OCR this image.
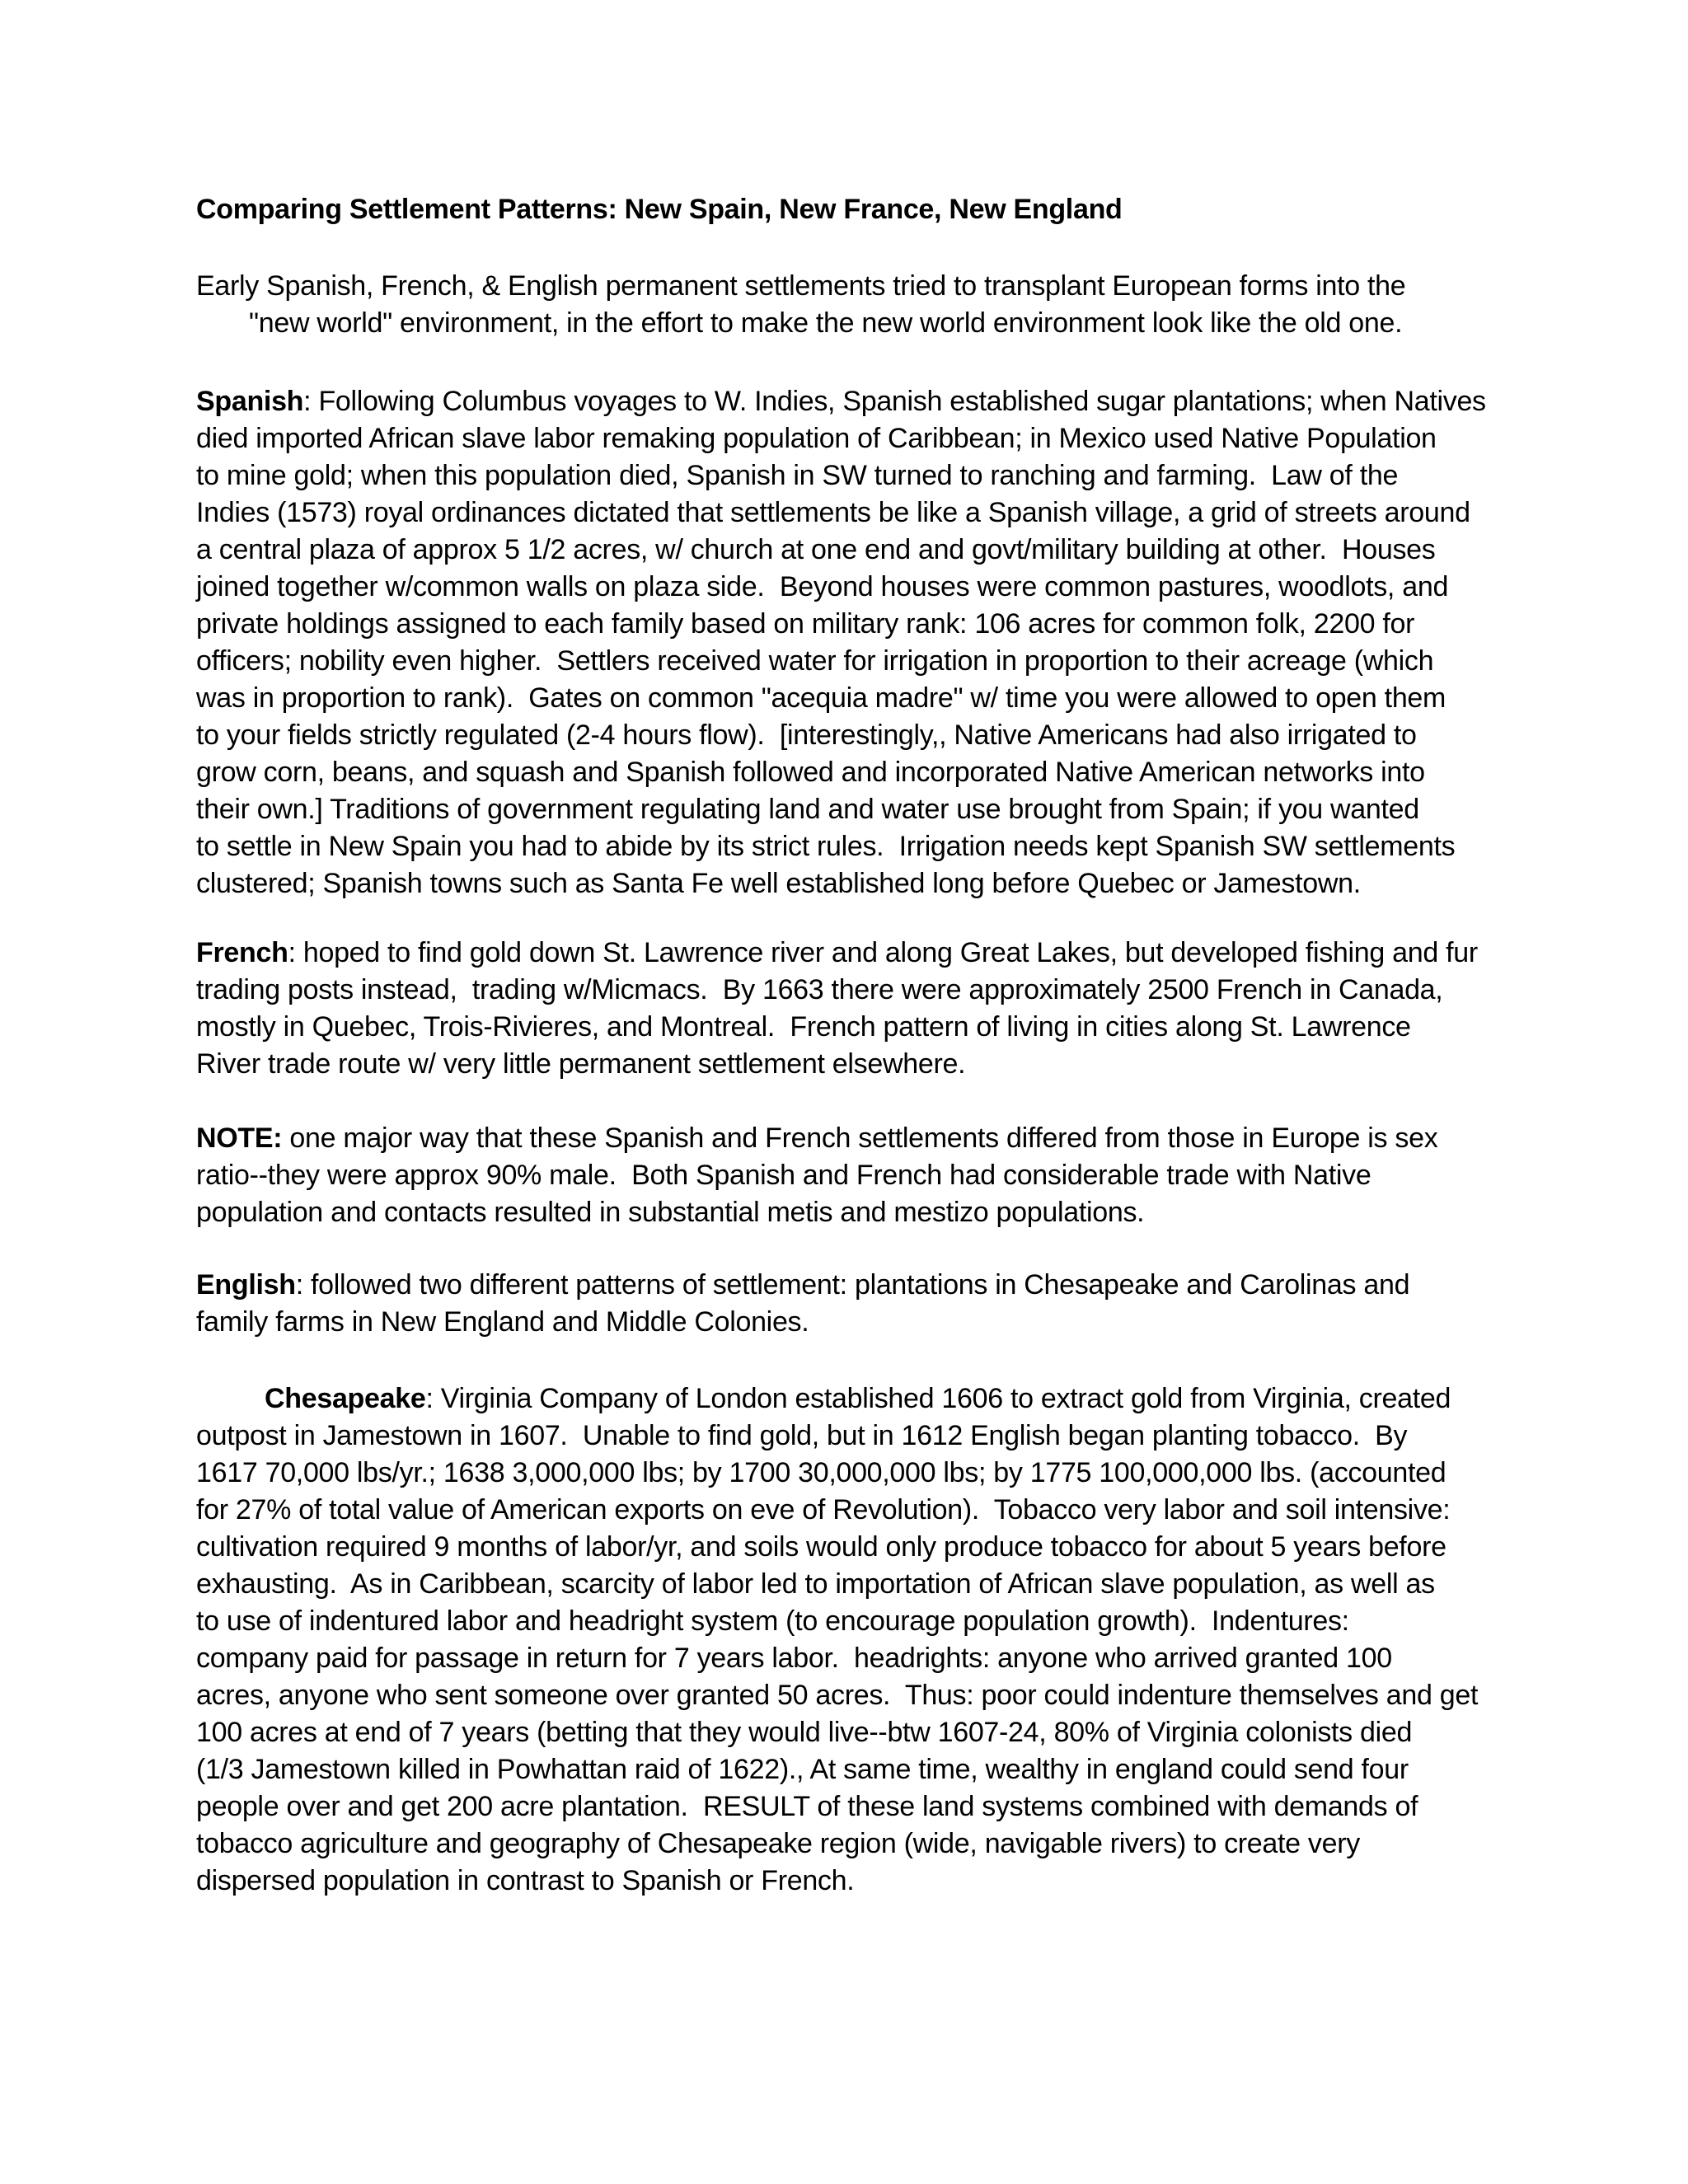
Comparing Settlement Patterns: New Spain, New France, New England
Early Spanish, French, & English permanent settlements tried to transplant European forms into the
"new world" environment, in the effort to make the new world environment look like the old one.
Spanish: Following Columbus voyages to W. Indies, Spanish established sugar plantations; when Natives
died imported African slave labor remaking population of Caribbean; in Mexico used Native Population
to mine gold; when this population died, Spanish in SW turned to ranching and farming.  Law of the
Indies (1573) royal ordinances dictated that settlements be like a Spanish village, a grid of streets around
a central plaza of approx 5 1/2 acres, w/ church at one end and govt/military building at other.  Houses
joined together w/common walls on plaza side.  Beyond houses were common pastures, woodlots, and
private holdings assigned to each family based on military rank: 106 acres for common folk, 2200 for
officers; nobility even higher.  Settlers received water for irrigation in proportion to their acreage (which
was in proportion to rank).  Gates on common "acequia madre" w/ time you were allowed to open them
to your fields strictly regulated (2-4 hours flow).  [interestingly,, Native Americans had also irrigated to
grow corn, beans, and squash and Spanish followed and incorporated Native American networks into
their own.] Traditions of government regulating land and water use brought from Spain; if you wanted
to settle in New Spain you had to abide by its strict rules.  Irrigation needs kept Spanish SW settlements
clustered; Spanish towns such as Santa Fe well established long before Quebec or Jamestown.
French: hoped to find gold down St. Lawrence river and along Great Lakes, but developed fishing and fur
trading posts instead,  trading w/Micmacs.  By 1663 there were approximately 2500 French in Canada,
mostly in Quebec, Trois-Rivieres, and Montreal.  French pattern of living in cities along St. Lawrence
River trade route w/ very little permanent settlement elsewhere.
NOTE: one major way that these Spanish and French settlements differed from those in Europe is sex
ratio--they were approx 90% male.  Both Spanish and French had considerable trade with Native
population and contacts resulted in substantial metis and mestizo populations.
English: followed two different patterns of settlement: plantations in Chesapeake and Carolinas and
family farms in New England and Middle Colonies.
Chesapeake: Virginia Company of London established 1606 to extract gold from Virginia, created
outpost in Jamestown in 1607.  Unable to find gold, but in 1612 English began planting tobacco.  By
1617 70,000 lbs/yr.; 1638 3,000,000 lbs; by 1700 30,000,000 lbs; by 1775 100,000,000 lbs. (accounted
for 27% of total value of American exports on eve of Revolution).  Tobacco very labor and soil intensive:
cultivation required 9 months of labor/yr, and soils would only produce tobacco for about 5 years before
exhausting.  As in Caribbean, scarcity of labor led to importation of African slave population, as well as
to use of indentured labor and headright system (to encourage population growth).  Indentures:
company paid for passage in return for 7 years labor.  headrights: anyone who arrived granted 100
acres, anyone who sent someone over granted 50 acres.  Thus: poor could indenture themselves and get
100 acres at end of 7 years (betting that they would live--btw 1607-24, 80% of Virginia colonists died
(1/3 Jamestown killed in Powhattan raid of 1622)., At same time, wealthy in england could send four
people over and get 200 acre plantation.  RESULT of these land systems combined with demands of
tobacco agriculture and geography of Chesapeake region (wide, navigable rivers) to create very
dispersed population in contrast to Spanish or French.
